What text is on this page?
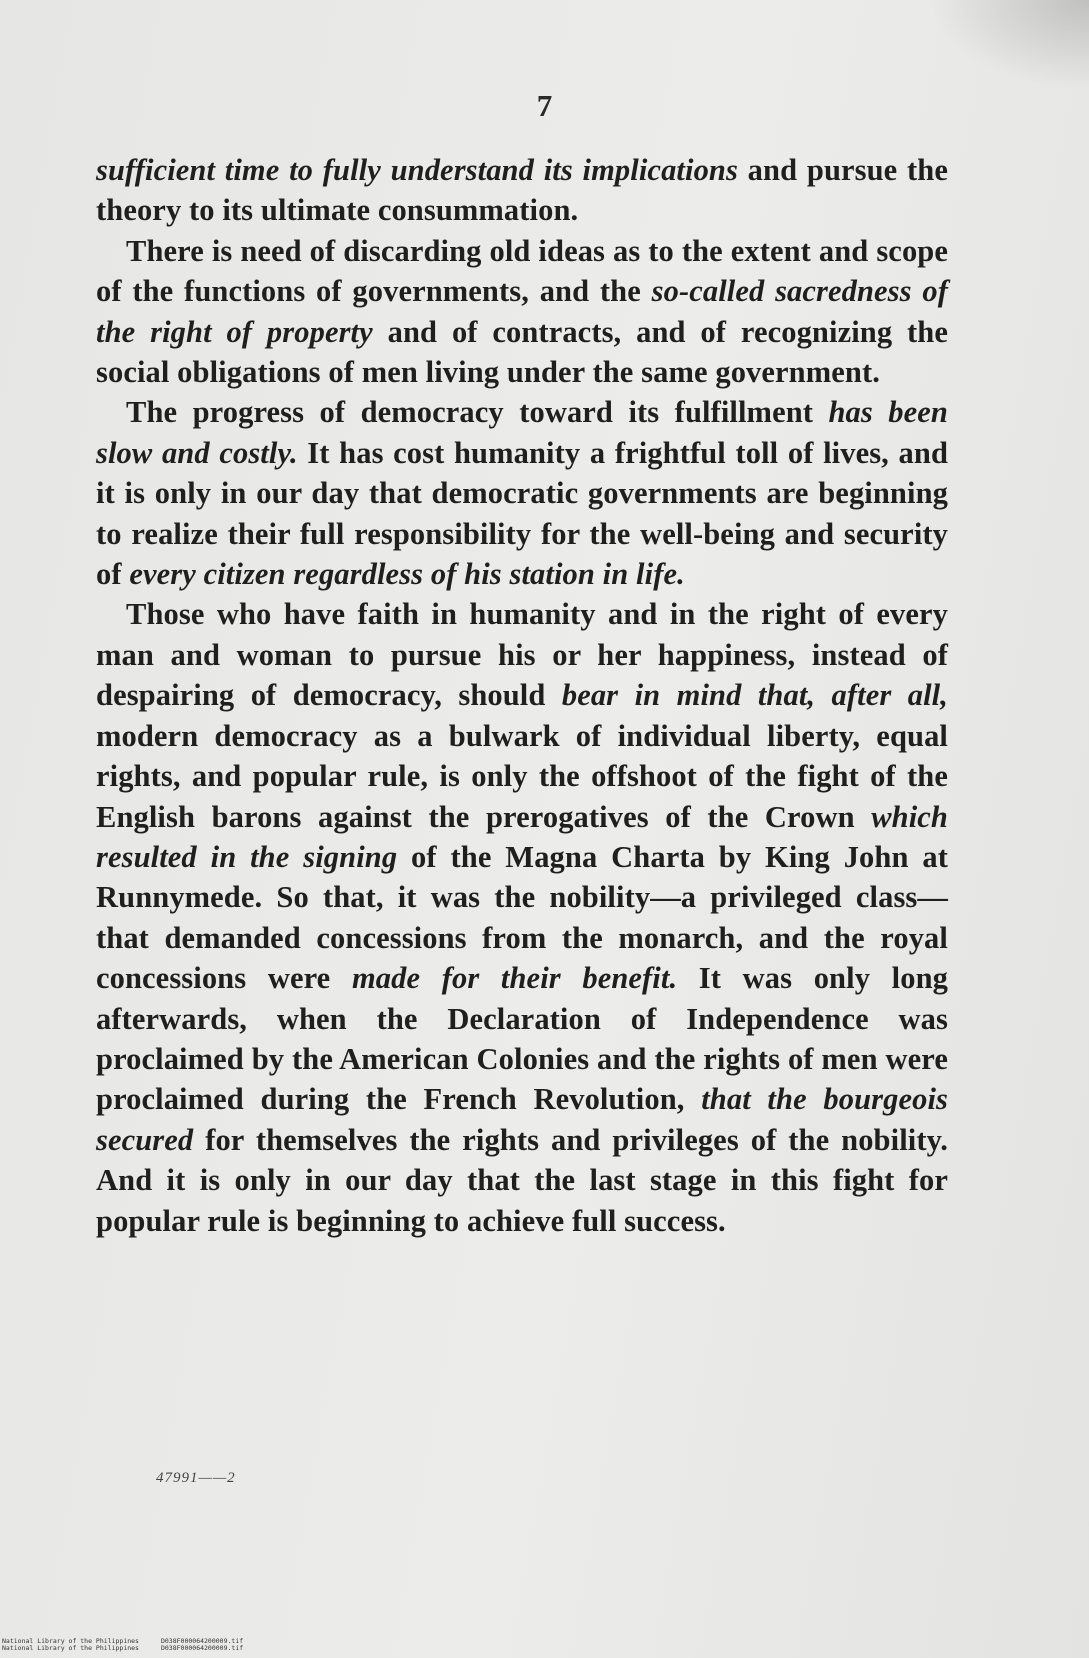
7

sufficient time to fully understand its implications and pursue the theory to its ultimate consummation.

There is need of discarding old ideas as to the extent and scope of the functions of governments, and the so-called sacredness of the right of property and of contracts, and of recognizing the social obligations of men living under the same government.

The progress of democracy toward its fulfillment has been slow and costly. It has cost humanity a frightful toll of lives, and it is only in our day that democratic governments are beginning to realize their full responsibility for the well-being and security of every citizen regardless of his station in life.

Those who have faith in humanity and in the right of every man and woman to pursue his or her happiness, instead of despairing of democracy, should bear in mind that, after all, modern democracy as a bulwark of individual liberty, equal rights, and popular rule, is only the offshoot of the fight of the English barons against the prerogatives of the Crown which resulted in the signing of the Magna Charta by King John at Runnymede. So that, it was the nobility—a privileged class—that demanded concessions from the monarch, and the royal concessions were made for their benefit. It was only long afterwards, when the Declaration of Independence was proclaimed by the American Colonies and the rights of men were proclaimed during the French Revolution, that the bourgeois secured for themselves the rights and privileges of the nobility. And it is only in our day that the last stage in this fight for popular rule is beginning to achieve full success.

47991——2
National Library of the Philippines	D038F000064200009.tif
National Library of the Philippines	D038F000064200009.tif
